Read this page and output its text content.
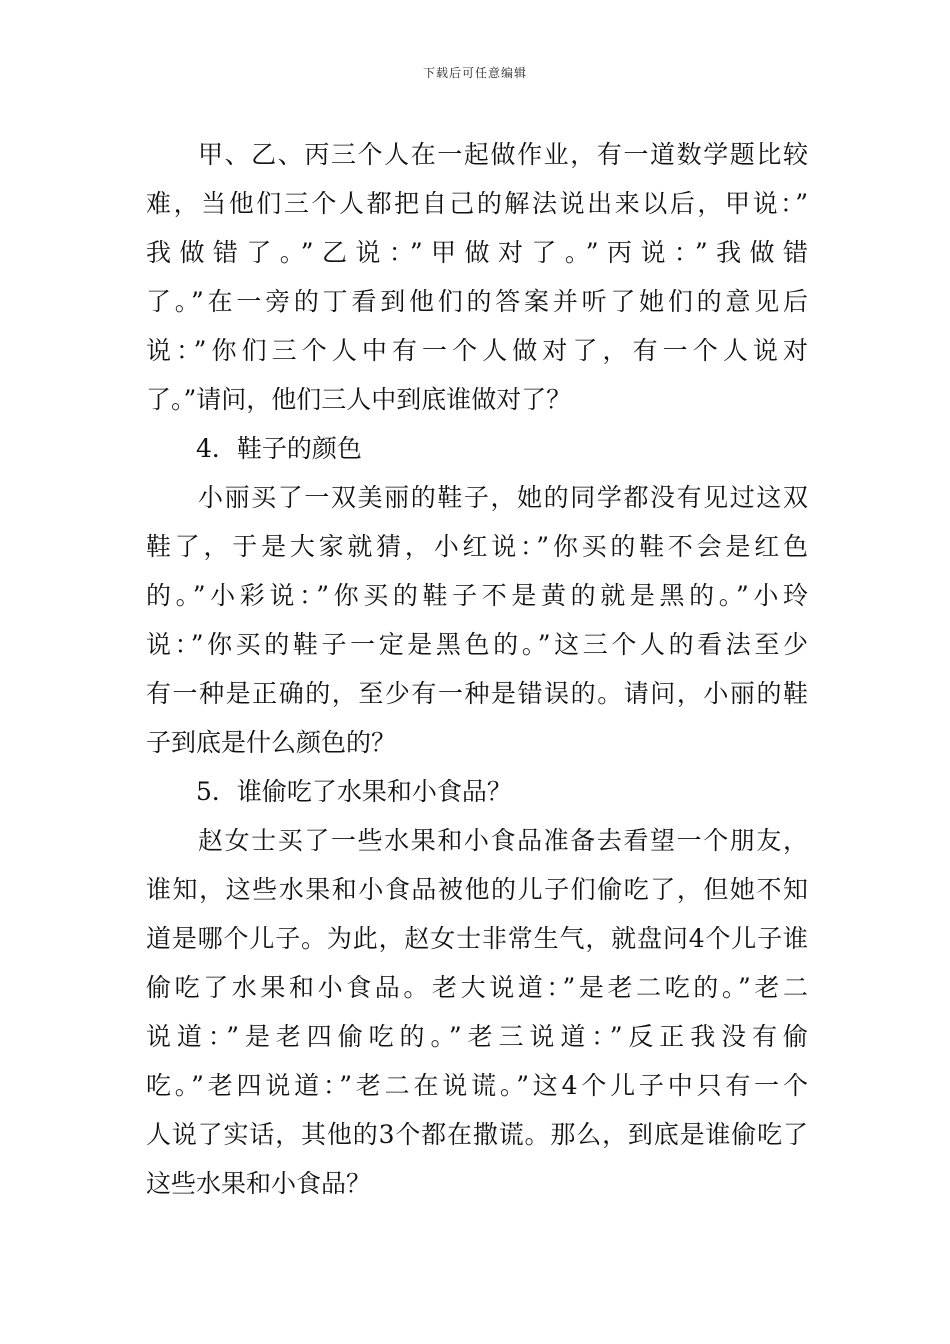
下载后可任意编辑
甲、乙、丙三个人在一起做作业，有一道数学题比较
难，当他们三个人都把自己的解法说出来以后，甲说：”
我做错了。”乙说：”甲做对了。”丙说：”我做错
了。”在一旁的丁看到他们的答案并听了她们的意见后
说：”你们三个人中有一个人做对了，有一个人说对
了。”请问，他们三人中到底谁做对了？
4．鞋子的颜色
小丽买了一双美丽的鞋子，她的同学都没有见过这双
鞋了，于是大家就猜，小红说：”你买的鞋不会是红色
的。”小彩说：”你买的鞋子不是黄的就是黑的。”小玲
说：”你买的鞋子一定是黑色的。”这三个人的看法至少
有一种是正确的，至少有一种是错误的。请问，小丽的鞋
子到底是什么颜色的？
5．谁偷吃了水果和小食品？
赵女士买了一些水果和小食品准备去看望一个朋友，
谁知，这些水果和小食品被他的儿子们偷吃了，但她不知
道是哪个儿子。为此，赵女士非常生气，就盘问4个儿子谁
偷吃了水果和小食品。老大说道：”是老二吃的。”老二
说道：”是老四偷吃的。”老三说道：”反正我没有偷
吃。”老四说道：”老二在说谎。”这4个儿子中只有一个
人说了实话，其他的3个都在撒谎。那么，到底是谁偷吃了
这些水果和小食品？
